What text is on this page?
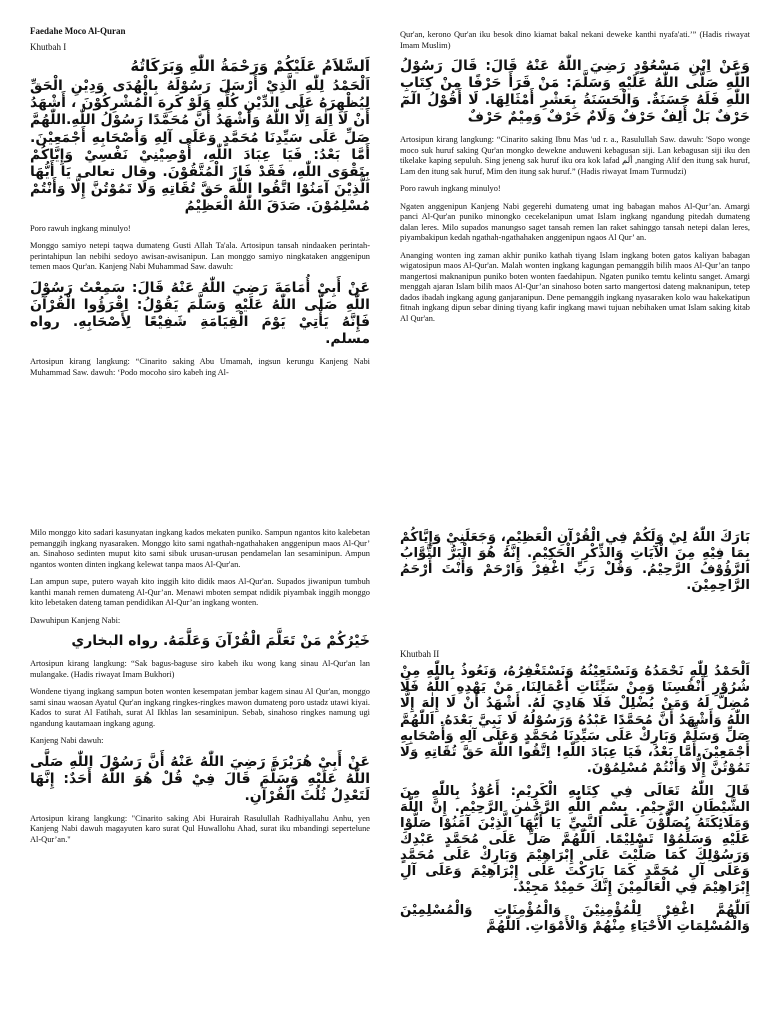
Faedahe Moco Al-Quran
Khutbah I

اَلسَّلاَمُ عَلَيْكُمْ وَرَحْمَةُ اللّٰهِ وَبَرَكَاتُهُ

اَلْحَمْدُ لِلّٰهِ الَّذِيْ أَرْسَلَ رَسُوْلَهُ بِالْهُدَى وَدِيْنِ الْحَقِّ لِيُظْهِرَهُ عَلَى الدِّيْنِ كُلِّهِ وَلَوْ كَرِهَ الْمُشْرِكُوْنَ ، أَشْهَدُ أَنْ لَا اِلٰهَ اِلَّا اللّٰهُ وَأَشْهَدُ أَنَّ مُحَمَّدًا رَسُوْلُ اللّٰهِ.اللّٰهُمَّ صَلِّ عَلَى سَيِّدِنَا مُحَمَّدٍ وَعَلَى آلِهِ وَأَصْحَابِهِ أَجْمَعِيْنَ. أَمَّا بَعْدُ: فَيَا عِبَادَ اللّٰهِ، أُوْصِيْنِيْ نَفْسِيْ وَإِيَّاكُمْ بِتَقْوَى اللّٰهِ، فَقَدْ فَازَ الْمُتَّقُوْنَ. وقال تعالى يَا أَيُّهَا الَّذِيْنَ آمَنُوْا اتَّقُوا اللّٰهَ حَقَّ تُقَاتِهِ وَلَا تَمُوْتُنَّ إِلَّا وَأَنْتُمْ مُسْلِمُوْنَ. صَدَقَ اللّٰهُ الْعَظِيْمُ

Poro rawuh ingkang minulyo!

Monggo samiyo netepi taqwa dumateng Gusti Allah Ta'ala. Artosipun tansah nindaaken perintah-perintahipun lan nebihi sedoyo awisan-awisanipun. Lan monggo samiyo ningkataken anggenipun temen maos Qur'an. Kanjeng Nabi Muhammad Saw. dawuh:

عَنْ أَبِيْ أُمَامَةَ رَضِيَ اللّٰهُ عَنْهُ قَالَ: سَمِعْتُ رَسُوْلَ اللّٰهِ صَلَّى اللّٰهُ عَلَيْهِ وَسَلَّمَ يَقُوْلُ: اِقْرَؤُوا الْقُرْآنَ فَإِنَّهُ يَأْتِيْ يَوْمَ الْقِيَامَةِ شَفِيْعًا لِأَصْحَابِهِ. رواه مسلم.

Artosipun kirang langkung: “Cinarito saking Abu Umamah, ingsun kerungu Kanjeng Nabi Muhammad Saw. dawuh: ‘Podo mocoho siro kabeh ing Al-

Qur'an, kerono Qur'an iku besok dino kiamat bakal nekani deweke kanthi nyafa'ati.’” (Hadis riwayat Imam Muslim)

وَعَنْ اِبْنِ مَسْعُوْدٍ رَضِيَ اللّٰهُ عَنْهُ قَالَ: قَالَ رَسُوْلُ اللّٰهِ صَلَّى اللّٰهُ عَلَيْهِ وَسَلَّمَ: مَنْ قَرَأَ حَرْفًا مِنْ كِتَابِ اللّٰهِ فَلَهُ حَسَنَةٌ. وَالْحَسَنَةُ بِعَشْرِ أَمْثَالِهَا. لَا أَقُوْلُ الٓمٓ حَرْفٌ بَلْ أَلِفٌ حَرْفٌ وَلَامٌ حَرْفٌ وَمِيْمٌ حَرْفٌ

Artosipun kirang langkung: “Cinarito saking Ibnu Mas 'ud r. a., Rasulullah Saw. dawuh: 'Sopo wonge moco suk huruf saking Qur'an mongko dewekne anduweni kebagusan siji. Lan kebagusan siji iku den tikelake kaping sepuluh. Sing jeneng sak huruf iku ora kok lafad ألم ,nanging Alif den itung sak huruf, Lam den itung sak huruf, Mim den itung sak huruf.” (Hadis riwayat Imam Turmudzi)

Poro rawuh ingkang minulyo!

Ngaten anggenipun Kanjeng Nabi gegerehi dumateng umat ing babagan mahos Al-Qur’an. Amargi panci Al-Qur'an puniko minongko cecekelanipun umat Islam ingkang ngandung pitedah dumateng dalan leres. Milo supados manungso saget tansah remen lan raket sahinggo tansah netepi dalan leres, piyambakipun kedah ngathah-ngathahaken anggenipun ngaos Al Qur’ an.

Ananging wonten ing zaman akhir puniko kathah tiyang Islam ingkang boten gatos kaliyan babagan wigatosipun maos Al-Qur'an. Malah wonten ingkang kagungan pemanggih bilih maos Al-Qur’an tanpo mangertosi maknanipun puniko boten wonten faedahipun. Ngaten puniko temtu kelintu sanget. Amargi menggah ajaran Islam bilih maos Al-Qur’an sinahoso boten sarto mangertosi dateng maknanipun, tetep dados ibadah ingkang agung ganjaranipun. Dene pemanggih ingkang nyasaraken kolo wau hakekatipun fitnah ingkang dipun sebar dining tiyang kafir ingkang mawi tujuan nebihaken umat Islam saking kitab Al Qur'an.

Milo monggo kito sadari kasunyatan ingkang kados mekaten puniko. Sampun ngantos kito kalebetan pemanggih ingkang nyasaraken. Monggo kito sami ngathah-ngathahaken anggenipun maos Al-Qur’ an. Sinahoso sedinten muput kito sami sibuk urusan-urusan pendamelan lan sesaminipun. Ampun ngantos wonten dinten ingkang kelewat tanpa maos Al-Qur'an.

Lan ampun supe, putero wayah kito inggih kito didik maos Al-Qur'an. Supados jiwanipun tumbuh kanthi manah remen dumateng Al-Qur’an. Menawi mboten sempat ndidik piyambak inggih monggo kito lebetaken dateng taman pendidikan Al-Qur’an ingkang wonten.

Dawuhipun Kanjeng Nabi:

خَيْرُكُمْ مَنْ تَعَلَّمَ الْقُرْآنَ وَعَلَّمَهُ. رواه البخاري

Artosipun kirang langkung: “Sak bagus-baguse siro kabeh iku wong kang sinau Al-Qur'an lan mulangake. (Hadis riwayat Imam Bukhori)

Wondene tiyang ingkang sampun boten wonten kesempatan jembar kagem sinau Al Qur'an, monggo sami sinau waosan Ayatul Qur'an ingkang ringkes-ringkes mawon dumateng poro ustadz utawi kiyai. Kados to surat Al Fatihah, surat Al Ikhlas lan sesaminipun. Sebab, sinahoso ringkes namung ugi ngandung kautamaan ingkang agung.

Kanjeng Nabi dawuh:

عَنْ أَبِيْ هُرَيْرَةَ رَضِيَ اللّٰهُ عَنْهُ أَنَّ رَسُوْلَ اللّٰهِ صَلَّى اللّٰهُ عَلَيْهِ وَسَلَّمَ قَالَ فِيْ قُلْ هُوَ اللّٰهُ أَحَدٌ: إِنَّهَا لَتَعْدِلُ ثُلُثَ الْقُرْآنِ.

Artosipun kirang langkung: "Cinarito saking Abi Hurairah Rasulullah Radhiyallahu Anhu, yen Kanjeng Nabi dawuh magayuten karo surat Qul Huwallohu Ahad, surat iku mbandingi sepertelune Al-Qur’an."

بَارَكَ اللّٰهُ لِيْ وَلَكُمْ فِي الْقُرْآنِ الْعَظِيْمِ، وَجَعَلَنِيْ وَإِيَّاكُمْ بِمَا فِيْهِ مِنَ الْآيَاتِ وَالذِّكْرِ الْحَكِيْمِ. إِنَّهُ هُوَ الْبَرُّ التَّوَّابُ الرَّؤُوْفُ الرَّحِيْمُ. وَقُلْ رَبِّ اغْفِرْ وَارْحَمْ وَأَنْتَ أَرْحَمُ الرَّاحِمِيْنَ.

Khutbah II

اَلْحَمْدُ لِلّٰهِ نَحْمَدُهُ وَنَسْتَعِيْنُهُ وَنَسْتَغْفِرُهُ، وَنَعُوذُ بِاللّٰهِ مِنْ شُرُوْرِ أَنْفُسِنَا وَمِنْ سَيِّئَاتِ أَعْمَالِنَا، مَنْ يَهْدِهِ اللّٰهُ فَلَا مُضِلَّ لَهُ وَمَنْ يُضْلِلْ فَلَا هَادِيَ لَهُ. أَشْهَدُ أَنْ لَا إِلٰهَ إِلَّا اللّٰهُ وَأَشْهَدُ أَنَّ مُحَمَّدًا عَبْدُهُ وَرَسُوْلُهُ لَا نَبِيَّ بَعْدَهُ. اَللّٰهُمَّ صَلِّ وَسَلِّمْ وَبَارِكْ عَلَى سَيِّدِنَا مُحَمَّدٍ وَعَلَى آلِهِ وَأَصْحَابِهِ أَجْمَعِيْنَ.أَمَّا بَعْدُ، فَيَا عِبَادَ اللّٰهِ! اِتَّقُوا اللّٰهَ حَقَّ تُقَاتِهِ وَلَا تَمُوْتُنَّ إِلَّا وَأَنْتُمْ مُسْلِمُوْنَ.

قَالَ اللّٰهُ تَعَالَى فِي كِتَابِهِ الْكَرِيْمِ: أَعُوْذُ بِاللّٰهِ مِنَ الشَّيْطَانِ الرَّجِيْمِ. بِسْمِ اللّٰهِ الرَّحْمٰنِ الرَّحِيْمِ. إِنَّ اللّٰهَ وَمَلَائِكَتَهُ يُصَلُّوْنَ عَلَى النَّبِيِّ يَا أَيُّهَا الَّذِيْنَ آمَنُوْا صَلُّوْا عَلَيْهِ وَسَلِّمُوْا تَسْلِيْمًا. اَللّٰهُمَّ صَلِّ عَلَى مُحَمَّدٍ عَبْدِكَ وَرَسُوْلِكَ كَمَا صَلَّيْتَ عَلَى إِبْرَاهِيْمَ وَبَارِكْ عَلَى مُحَمَّدٍ وَعَلَى آلِ مُحَمَّدٍ كَمَا بَارَكْتَ عَلَى إِبْرَاهِيْمَ وَعَلَى آلِ إِبْرَاهِيْمَ فِي الْعَالَمِيْنَ إِنَّكَ حَمِيْدٌ مَجِيْدٌ.

اَللّٰهُمَّ اغْفِرْ لِلْمُؤْمِنِيْنَ وَالْمُؤْمِنَاتِ وَالْمُسْلِمِيْنَ وَالْمُسْلِمَاتِ الْأَحْيَاءِ مِنْهُمْ وَالْأَمْوَاتِ. اَللّٰهُمَّ
